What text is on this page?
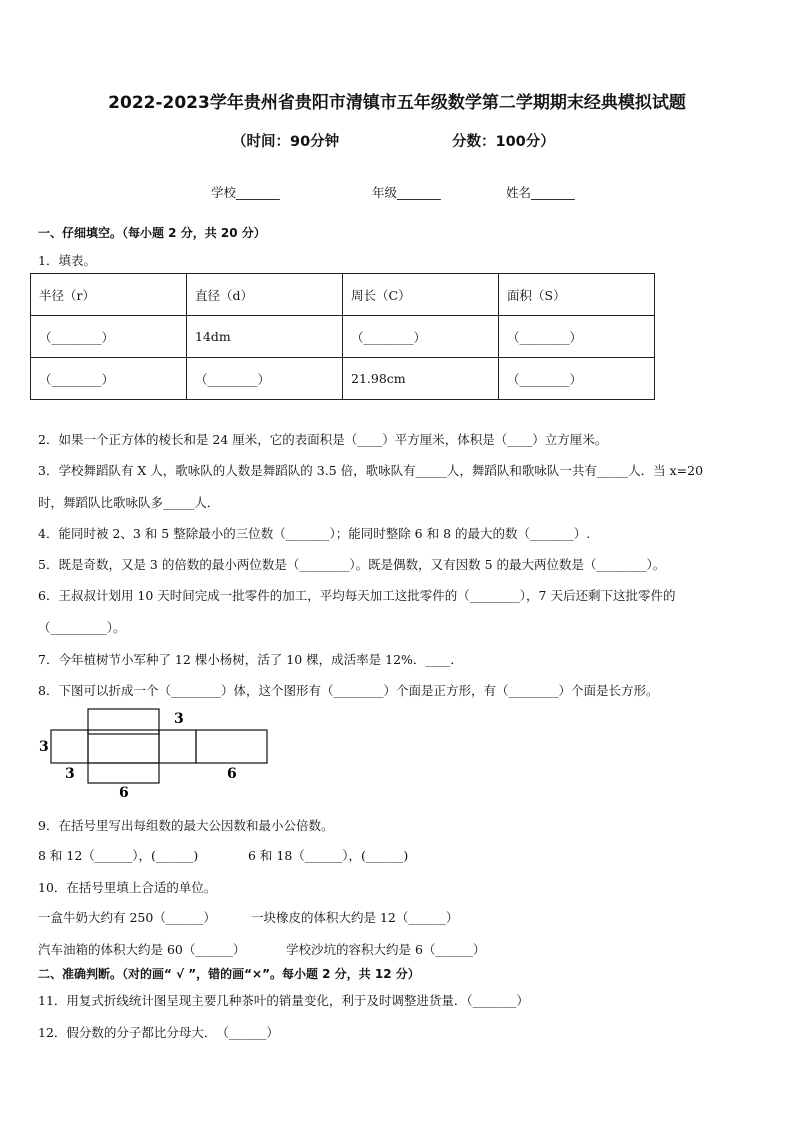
2022-2023学年贵州省贵阳市清镇市五年级数学第二学期期末经典模拟试题
（时间：90分钟	分数：100分）
学校_______	年级_______	姓名_______
一、仔细填空。（每小题 2 分，共 20 分）
1．填表。
半径（r）	直径（d）	周长（C）	面积（S）
（________）	14dm	（________）	（________）
（________）	（________）	21.98cm	（________）
2．如果一个正方体的棱长和是 24 厘米，它的表面积是（____）平方厘米，体积是（____）立方厘米。
3．学校舞蹈队有 X 人，歌咏队的人数是舞蹈队的 3.5 倍，歌咏队有_____人，舞蹈队和歌咏队一共有_____人．当 x=20
时，舞蹈队比歌咏队多_____人．
4．能同时被 2、3 和 5 整除最小的三位数（_______）；能同时整除 6 和 8 的最大的数（_______）.
5．既是奇数，又是 3 的倍数的最小两位数是（________）。既是偶数，又有因数 5 的最大两位数是（________）。
6．王叔叔计划用 10 天时间完成一批零件的加工，平均每天加工这批零件的（________），7 天后还剩下这批零件的
（_________）。
7．今年植树节小军种了 12 棵小杨树，活了 10 棵，成活率是 12%．____．
8．下图可以折成一个（________）体，这个图形有（________）个面是正方形，有（________）个面是长方形。
3
3
3	6
6
9．在括号里写出每组数的最大公因数和最小公倍数。
8 和 12（______），(______)	6 和 18（______），(______)
10．在括号里填上合适的单位。
一盒牛奶大约有 250（______）	一块橡皮的体积大约是 12（______）
汽车油箱的体积大约是 60（______）	学校沙坑的容积大约是 6（______）
二、准确判断。（对的画“ √ ”，错的画“×”。每小题 2 分，共 12 分）
11．用复式折线统计图呈现主要几种茶叶的销量变化，利于及时调整进货量．（_______）
12．假分数的分子都比分母大．　（______）
